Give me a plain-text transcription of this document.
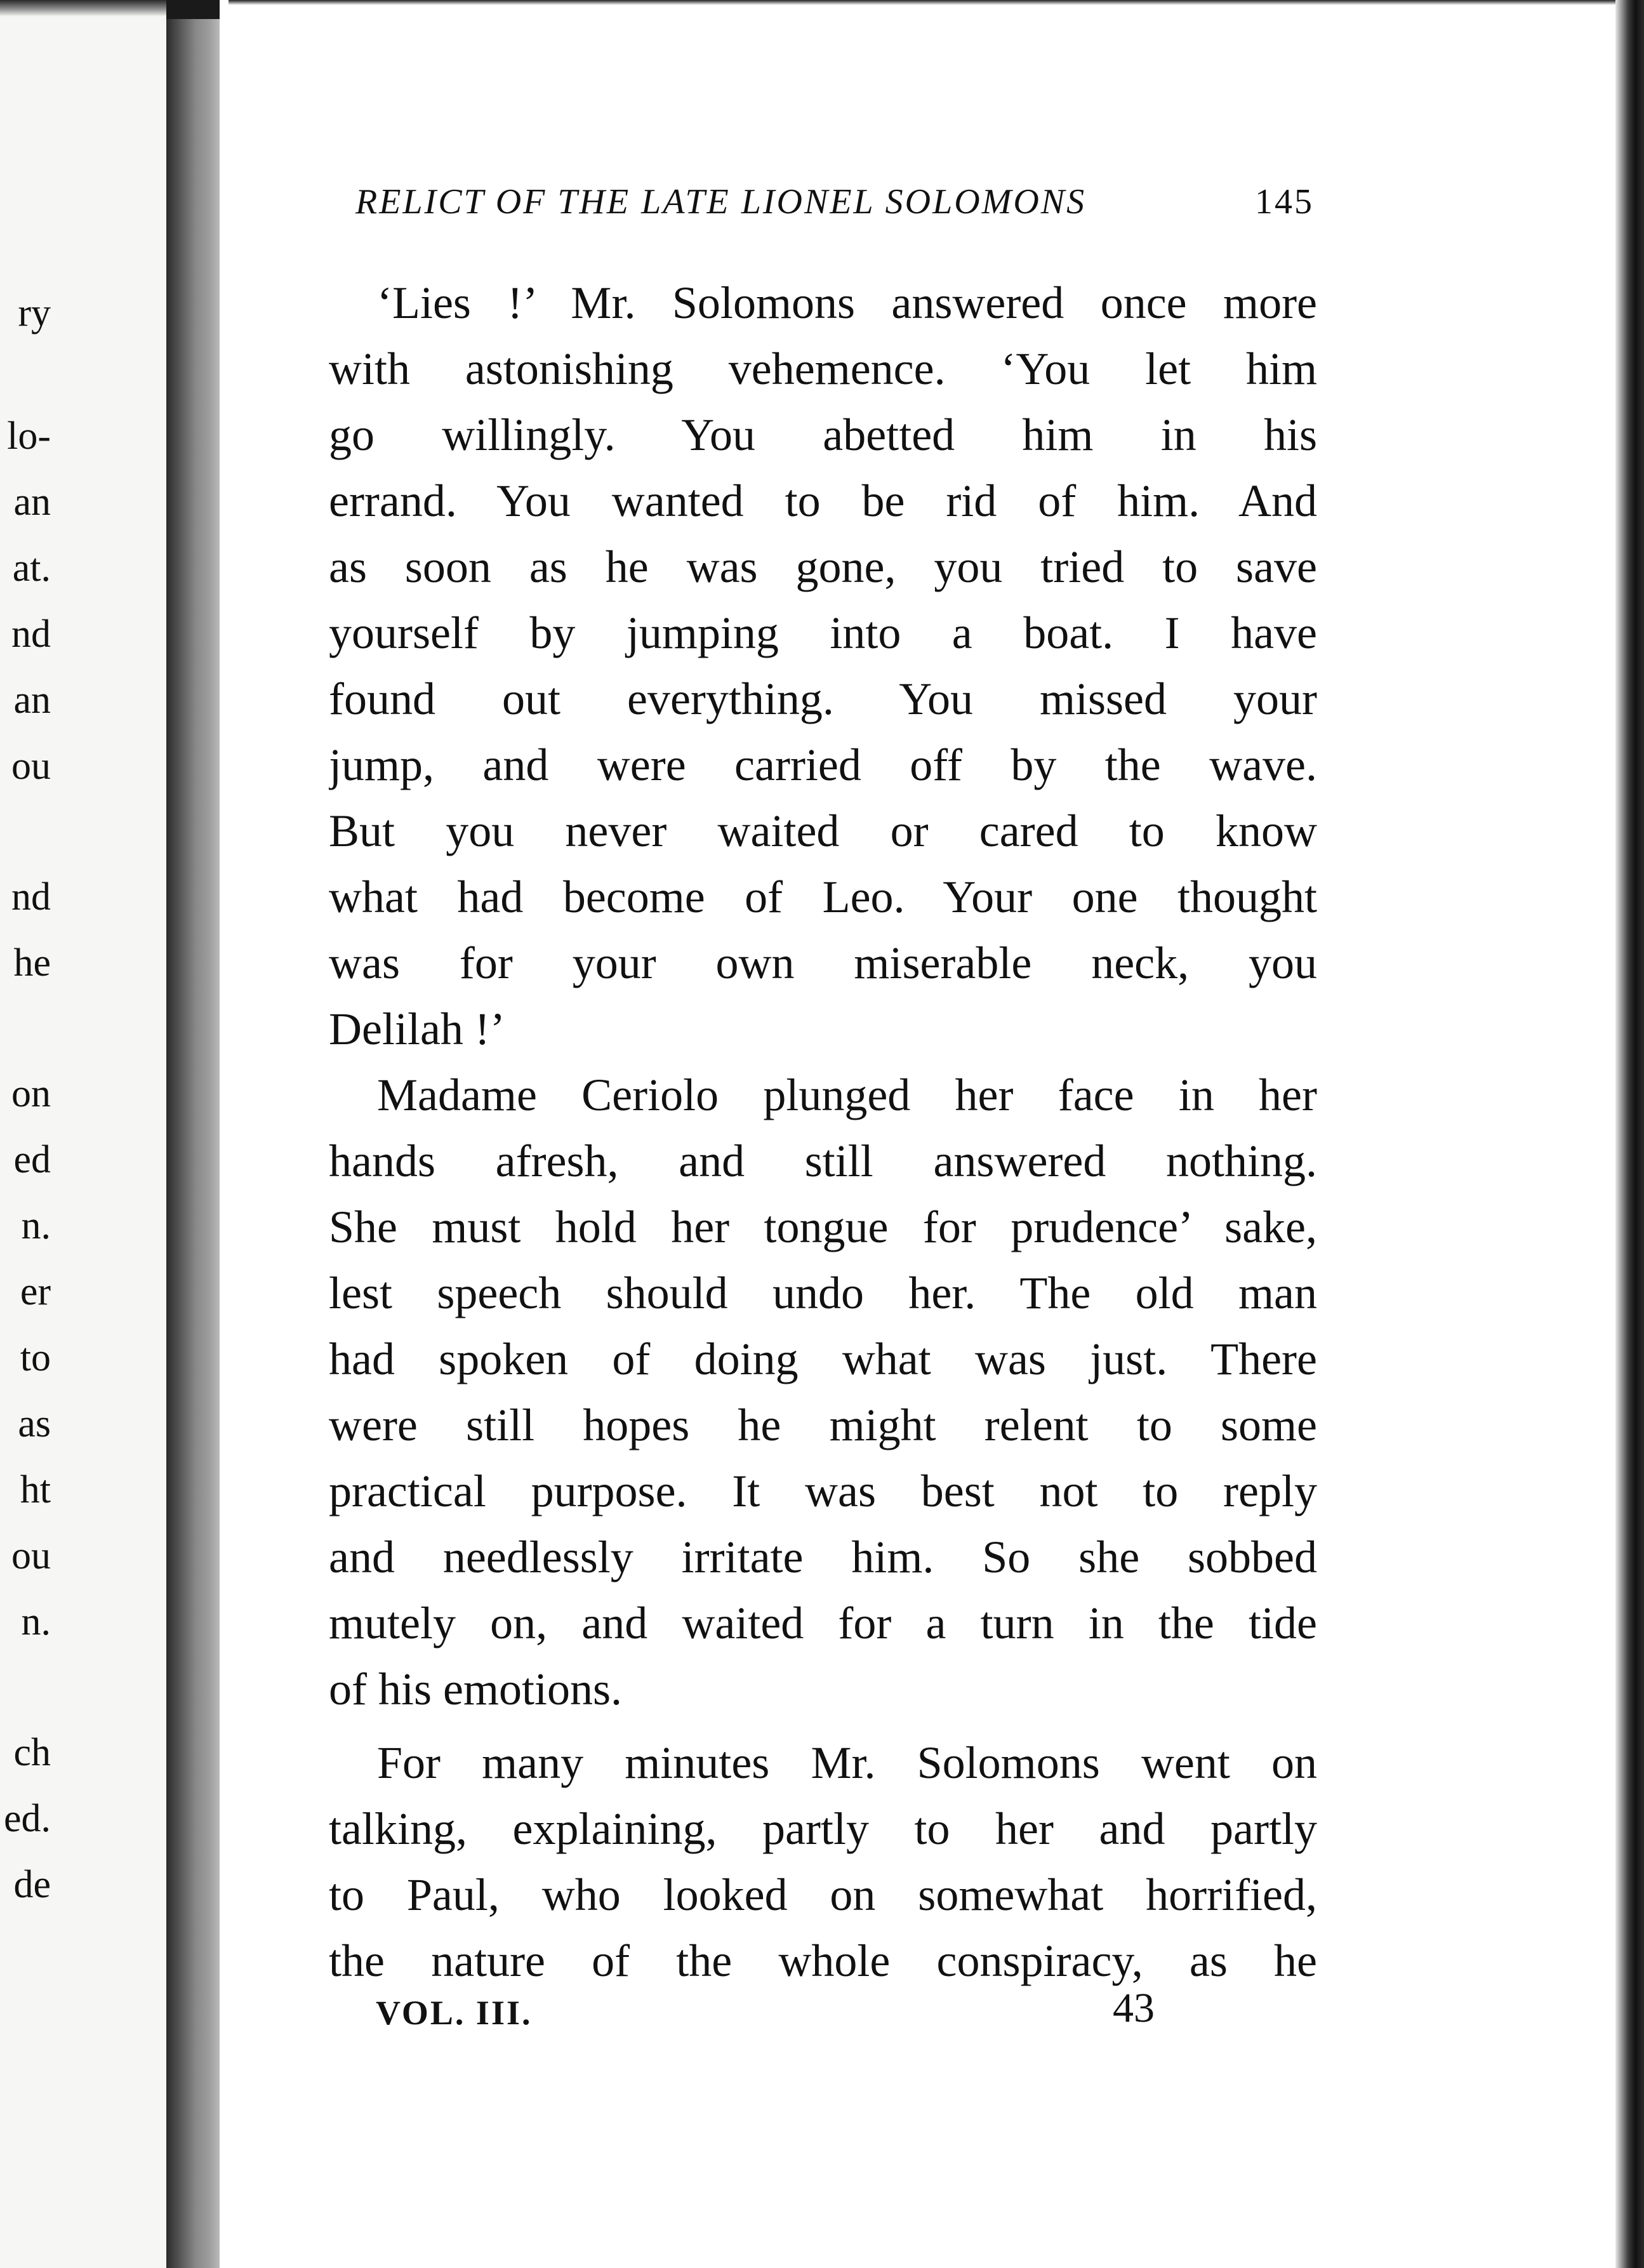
ry
lo-
an
at.
nd
an
ou
nd
he
on
ed
n.
er
to
as
ht
ou
n.
ch
ed.
de
RELICT OF THE LATE LIONEL SOLOMONS	145
‘Lies !’ Mr. Solomons answered once more
with astonishing vehemence. ‘You let him
go willingly. You abetted him in his
errand. You wanted to be rid of him. And
as soon as he was gone, you tried to save
yourself by jumping into a boat. I have
found out everything. You missed your
jump, and were carried off by the wave.
But you never waited or cared to know
what had become of Leo. Your one thought
was for your own miserable neck, you
Delilah !’
Madame Ceriolo plunged her face in her
hands afresh, and still answered nothing.
She must hold her tongue for prudence’ sake,
lest speech should undo her. The old man
had spoken of doing what was just. There
were still hopes he might relent to some
practical purpose. It was best not to reply
and needlessly irritate him. So she sobbed
mutely on, and waited for a turn in the tide
of his emotions.
For many minutes Mr. Solomons went on
talking, explaining, partly to her and partly
to Paul, who looked on somewhat horrified,
the nature of the whole conspiracy, as he
VOL. III.	43
